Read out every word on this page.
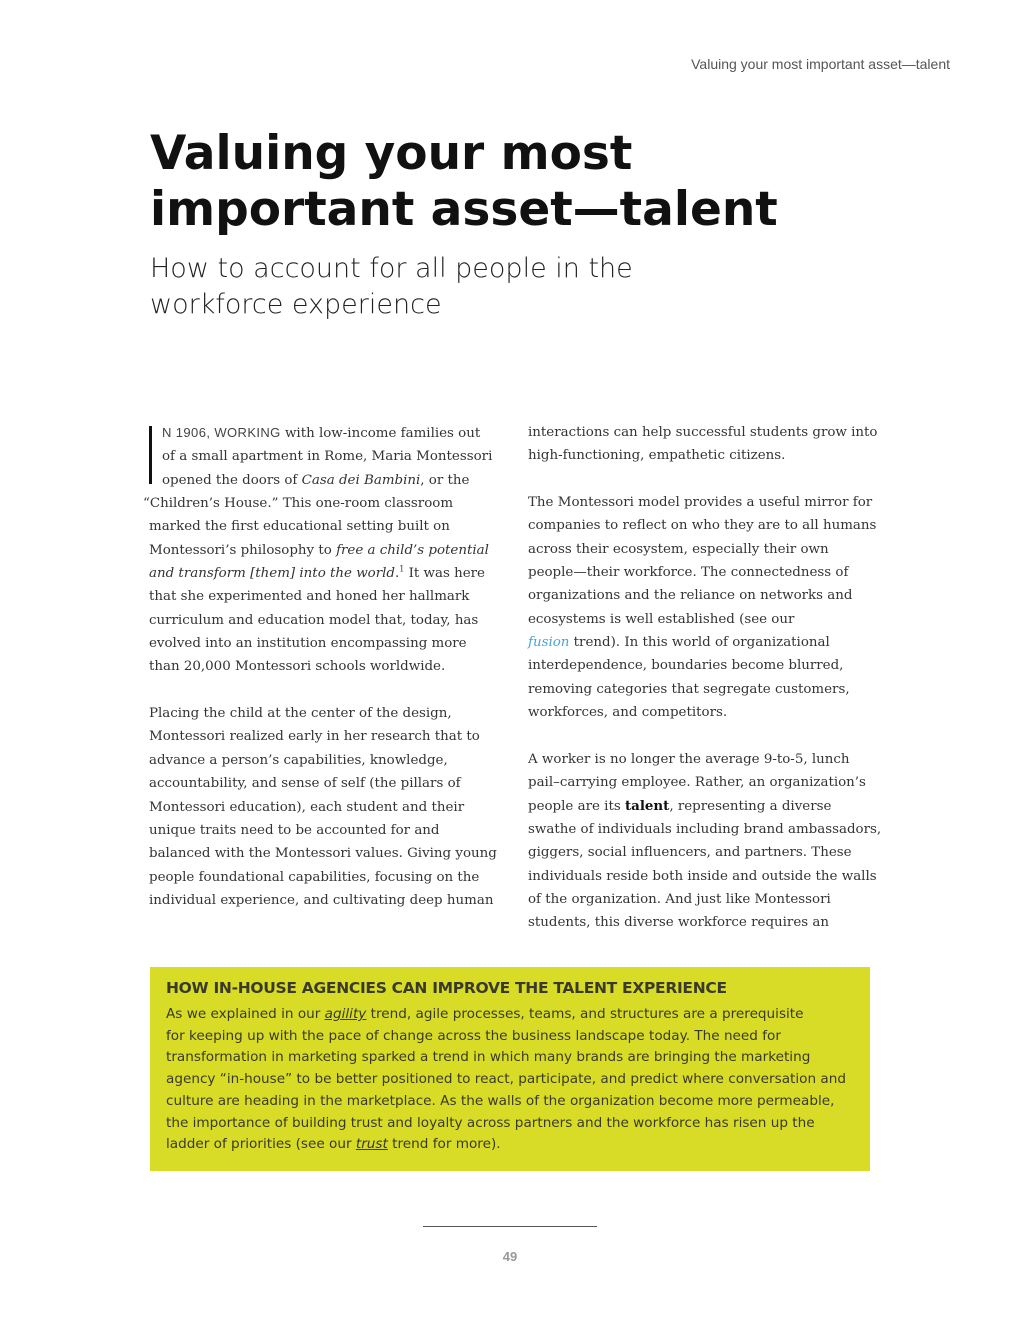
Valuing your most important asset—talent
Valuing your most
important asset—talent
How to account for all people in the
workforce experience

N 1906, WORKING with low-income families out
of a small apartment in Rome, Maria Montessori
opened the doors of Casa dei Bambini, or the
“Children’s House.” This one-room classroom
marked the first educational setting built on
Montessori’s philosophy to free a child’s potential
and transform [them] into the world.$^1$ It was here
that she experimented and honed her hallmark
curriculum and education model that, today, has
evolved into an institution encompassing more
than 20,000 Montessori schools worldwide.

Placing the child at the center of the design,
Montessori realized early in her research that to
advance a person’s capabilities, knowledge,
accountability, and sense of self (the pillars of
Montessori education), each student and their
unique traits need to be accounted for and
balanced with the Montessori values. Giving young
people foundational capabilities, focusing on the
individual experience, and cultivating deep human

interactions can help successful students grow into
high-functioning, empathetic citizens.

The Montessori model provides a useful mirror for
companies to reflect on who they are to all humans
across their ecosystem, especially their own
people—their workforce. The connectedness of
organizations and the reliance on networks and
ecosystems is well established (see our
fusion trend). In this world of organizational
interdependence, boundaries become blurred,
removing categories that segregate customers,
workforces, and competitors.

A worker is no longer the average 9-to-5, lunch
pail–carrying employee. Rather, an organization’s
people are its talent, representing a diverse
swathe of individuals including brand ambassadors,
giggers, social influencers, and partners. These
individuals reside both inside and outside the walls
of the organization. And just like Montessori
students, this diverse workforce requires an

HOW IN-HOUSE AGENCIES CAN IMPROVE THE TALENT EXPERIENCE
As we explained in our agility trend, agile processes, teams, and structures are a prerequisite
for keeping up with the pace of change across the business landscape today. The need for
transformation in marketing sparked a trend in which many brands are bringing the marketing
agency “in-house” to be better positioned to react, participate, and predict where conversation and
culture are heading in the marketplace. As the walls of the organization become more permeable,
the importance of building trust and loyalty across partners and the workforce has risen up the
ladder of priorities (see our trust trend for more).
49
